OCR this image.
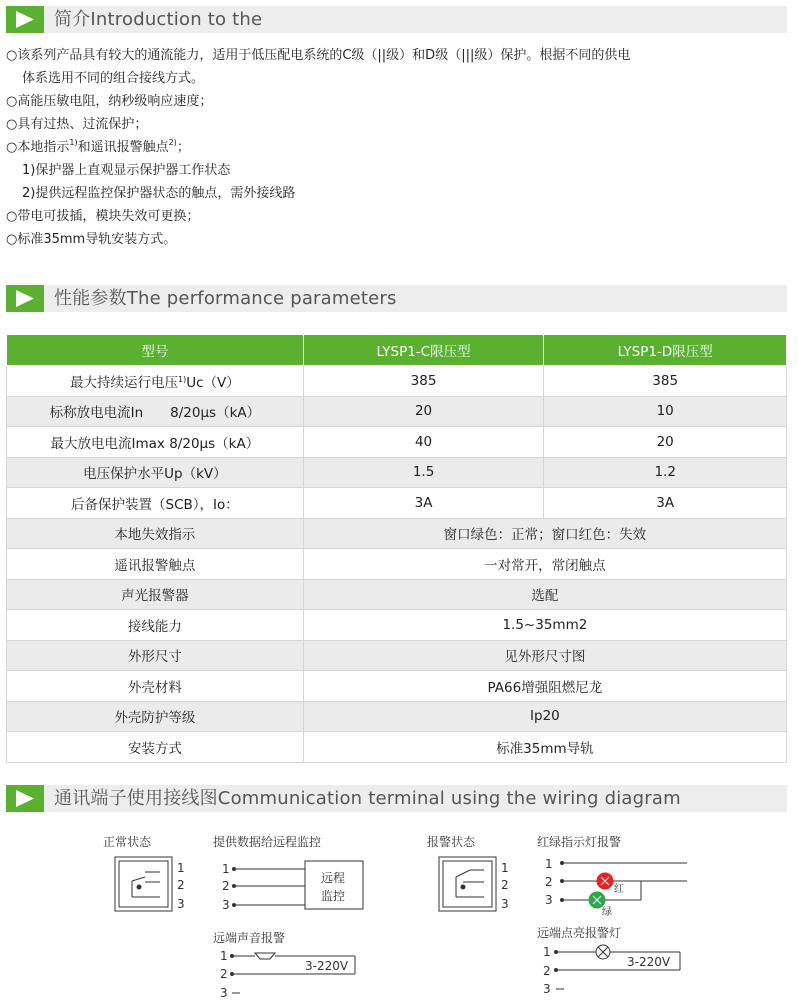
简介Introduction to the
○该系列产品具有较大的通流能力，适用于低压配电系统的C级（||级）和D级（|||级）保护。根据不同的供电
体系选用不同的组合接线方式。
○高能压敏电阻，纳秒级响应速度；
○具有过热、过流保护；
○本地指示$^{1)}$和遥讯报警触点$^{2)}$；
1)保护器上直观显示保护器工作状态
2)提供远程监控保护器状态的触点，需外接线路
○带电可拔插，模块失效可更换；
○标准35mm导轨安装方式。
性能参数The performance parameters
型号	LYSP1-C限压型	LYSP1-D限压型
最大持续运行电压$^{1)}$Uc（V）	385	385
标称放电电流In　　8/20μs（kA）	20	10
最大放电电流Imax 8/20μs（kA）	40	20
电压保护水平Up（kV）	1.5	1.2
后备保护装置（SCB），Io：	3A	3A
本地失效指示	窗口绿色：正常；窗口红色：失效	
遥讯报警触点	一对常开，常闭触点	
声光报警器	选配	
接线能力	1.5~35mm2	
外形尺寸	见外形尺寸图	
外壳材料	PA66增强阻燃尼龙	
外壳防护等级	Ip20	
安装方式	标准35mm导轨	
通讯端子使用接线图Communication terminal using the wiring diagram
正常状态
1
2
3
提供数据给远程监控
1
2
3
远程
监控
远端声音报警
1
2
3
3-220V
报警状态
1
2
3
红绿指示灯报警
1
2
3
红
绿
远端点亮报警灯
1
2
3
3-220V
